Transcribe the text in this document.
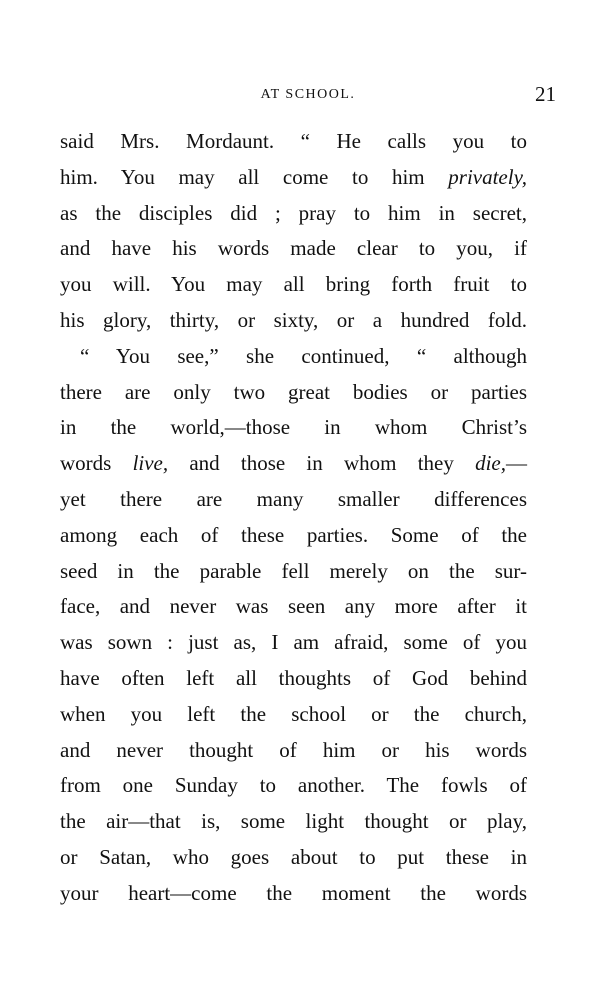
AT SCHOOL.	21
said Mrs. Mordaunt. “ He calls you to
him. You may all come to him privately,
as the disciples did ; pray to him in secret,
and have his words made clear to you, if
you will. You may all bring forth fruit to
his glory, thirty, or sixty, or a hundred fold.
“ You see,” she continued, “ although
there are only two great bodies or parties
in the world,—those in whom Christ’s
words live, and those in whom they die,—
yet there are many smaller differences
among each of these parties. Some of the
seed in the parable fell merely on the sur-
face, and never was seen any more after it
was sown : just as, I am afraid, some of you
have often left all thoughts of God behind
when you left the school or the church,
and never thought of him or his words
from one Sunday to another. The fowls of
the air—that is, some light thought or play,
or Satan, who goes about to put these in
your heart—come the moment the words
